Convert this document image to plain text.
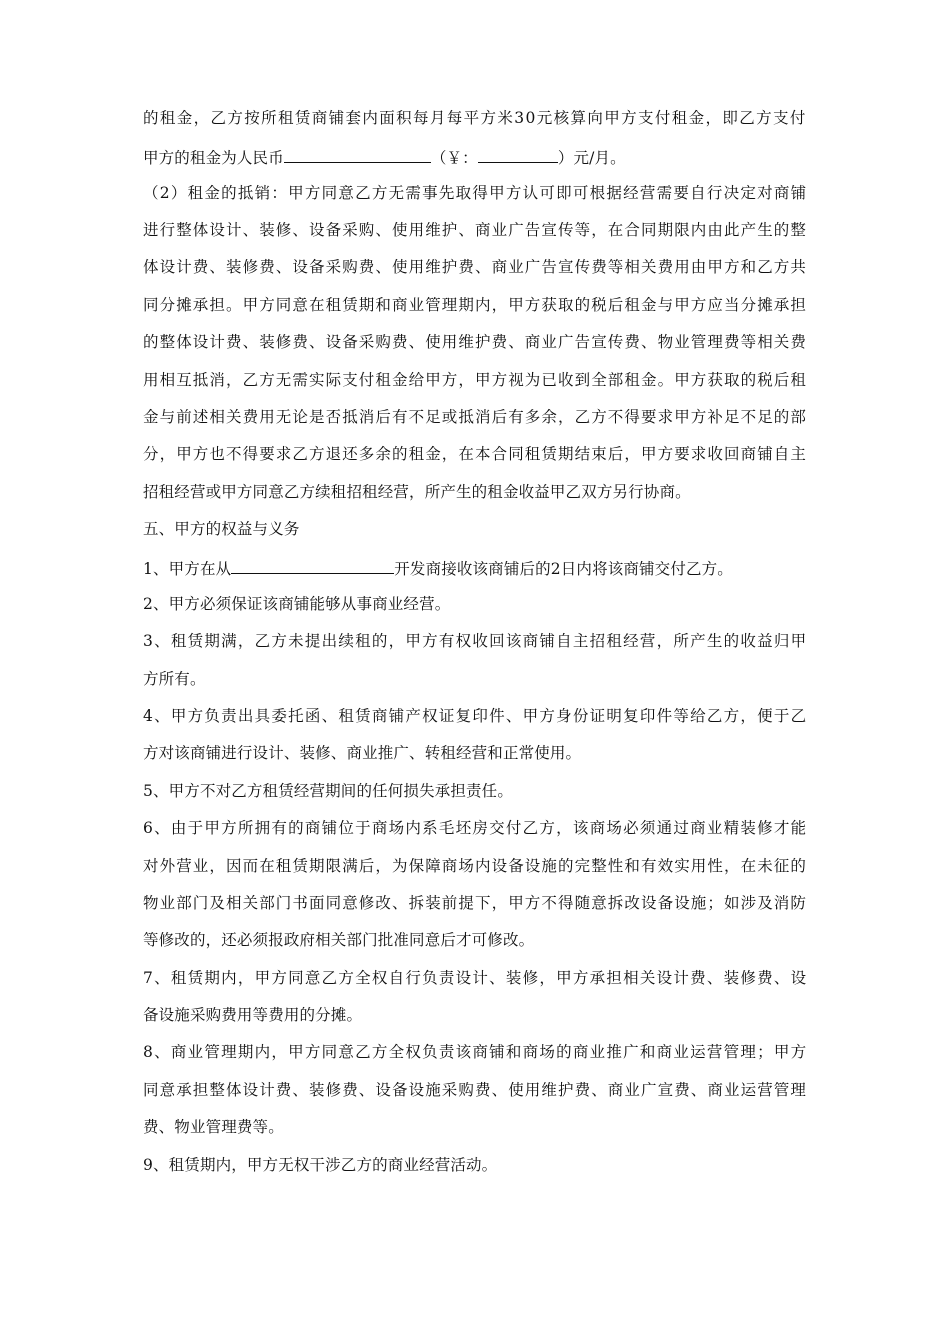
的租金，乙方按所租赁商铺套内面积每月每平方米30元核算向甲方支付租金，即乙方支付
甲方的租金为人民币	（￥：	）元/月。
（2）租金的抵销：甲方同意乙方无需事先取得甲方认可即可根据经营需要自行决定对商铺
进行整体设计、装修、设备采购、使用维护、商业广告宣传等，在合同期限内由此产生的整
体设计费、装修费、设备采购费、使用维护费、商业广告宣传费等相关费用由甲方和乙方共
同分摊承担。甲方同意在租赁期和商业管理期内，甲方获取的税后租金与甲方应当分摊承担
的整体设计费、装修费、设备采购费、使用维护费、商业广告宣传费、物业管理费等相关费
用相互抵消，乙方无需实际支付租金给甲方，甲方视为已收到全部租金。甲方获取的税后租
金与前述相关费用无论是否抵消后有不足或抵消后有多余，乙方不得要求甲方补足不足的部
分，甲方也不得要求乙方退还多余的租金，在本合同租赁期结束后，甲方要求收回商铺自主
招租经营或甲方同意乙方续租招租经营，所产生的租金收益甲乙双方另行协商。
五、甲方的权益与义务
1、甲方在从	开发商接收该商铺后的2日内将该商铺交付乙方。
2、甲方必须保证该商铺能够从事商业经营。
3、租赁期满，乙方未提出续租的，甲方有权收回该商铺自主招租经营，所产生的收益归甲
方所有。
4、甲方负责出具委托函、租赁商铺产权证复印件、甲方身份证明复印件等给乙方，便于乙
方对该商铺进行设计、装修、商业推广、转租经营和正常使用。
5、甲方不对乙方租赁经营期间的任何损失承担责任。
6、由于甲方所拥有的商铺位于商场内系毛坯房交付乙方，该商场必须通过商业精装修才能
对外营业，因而在租赁期限满后，为保障商场内设备设施的完整性和有效实用性，在未征的
物业部门及相关部门书面同意修改、拆装前提下，甲方不得随意拆改设备设施；如涉及消防
等修改的，还必须报政府相关部门批准同意后才可修改。
7、租赁期内，甲方同意乙方全权自行负责设计、装修，甲方承担相关设计费、装修费、设
备设施采购费用等费用的分摊。
8、商业管理期内，甲方同意乙方全权负责该商铺和商场的商业推广和商业运营管理；甲方
同意承担整体设计费、装修费、设备设施采购费、使用维护费、商业广宣费、商业运营管理
费、物业管理费等。
9、租赁期内，甲方无权干涉乙方的商业经营活动。
